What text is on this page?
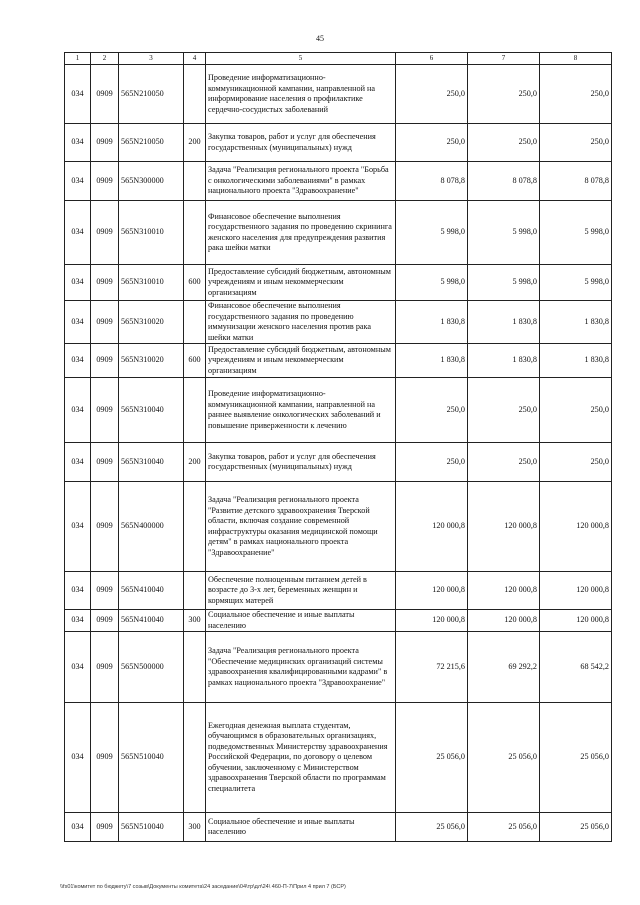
45
1	2	3	4	5	6	7	8
034	0909	565N210050		Проведение информатизационно-коммуникационной кампании, направленной на информирование населения о профилактике сердечно-сосудистых заболеваний	250,0	250,0	250,0
034	0909	565N210050	200	Закупка товаров, работ и услуг для обеспечения государственных (муниципальных) нужд	250,0	250,0	250,0
034	0909	565N300000		Задача "Реализация регионального проекта "Борьба с онкологическими заболеваниями" в рамках национального проекта "Здравоохранение"	8 078,8	8 078,8	8 078,8
034	0909	565N310010		Финансовое обеспечение выполнения государственного задания по проведению скрининга женского населения для предупреждения развития рака шейки матки	5 998,0	5 998,0	5 998,0
034	0909	565N310010	600	Предоставление субсидий бюджетным, автономным учреждениям и иным некоммерческим организациям	5 998,0	5 998,0	5 998,0
034	0909	565N310020		Финансовое обеспечение выполнения государственного задания по проведению иммунизации женского населения против рака шейки матки	1 830,8	1 830,8	1 830,8
034	0909	565N310020	600	Предоставление субсидий бюджетным, автономным учреждениям и иным некоммерческим организациям	1 830,8	1 830,8	1 830,8
034	0909	565N310040		Проведение информатизационно-коммуникационной кампании, направленной на раннее выявление онкологических заболеваний и повышение приверженности к лечению	250,0	250,0	250,0
034	0909	565N310040	200	Закупка товаров, работ и услуг для обеспечения государственных (муниципальных) нужд	250,0	250,0	250,0
034	0909	565N400000		Задача "Реализация регионального проекта "Развитие детского здравоохранения Тверской области, включая создание современной инфраструктуры оказания медицинской помощи детям" в рамках национального проекта "Здравоохранение"	120 000,8	120 000,8	120 000,8
034	0909	565N410040		Обеспечение полноценным питанием детей в возрасте до 3-х лет, беременных женщин и кормящих матерей	120 000,8	120 000,8	120 000,8
034	0909	565N410040	300	Социальное обеспечение и иные выплаты населению	120 000,8	120 000,8	120 000,8
034	0909	565N500000		Задача "Реализация регионального проекта "Обеспечение медицинских организаций системы здравоохранения квалифицированными кадрами" в рамках национального проекта "Здравоохранение"	72 215,6	69 292,2	68 542,2
034	0909	565N510040		Ежегодная денежная выплата студентам, обучающимся в образовательных организациях, подведомственных Министерству здравоохранения Российской Федерации, по договору о целевом обучении, заключенному с Министерством здравоохранения Тверской области по программам специалитета	25 056,0	25 056,0	25 056,0
034	0909	565N510040	300	Социальное обеспечение и иные выплаты населению	25 056,0	25 056,0	25 056,0
\\fs01\комитет по бюджету\7 созыв\Документы комитета\24 заседание\04\тр\дл\24\ 460-П-7\Прил 4 прил 7 (БСР)
